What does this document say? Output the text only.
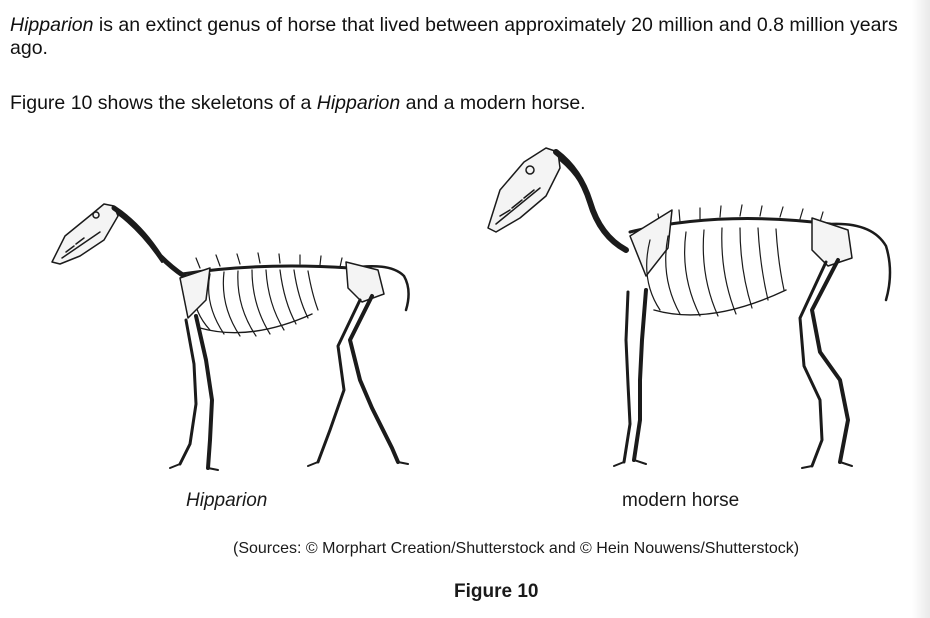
Hipparion is an extinct genus of horse that lived between approximately 20 million and 0.8 million years ago.

Figure 10 shows the skeletons of a Hipparion and a modern horse.

Hipparion	modern horse
(Sources: © Morphart Creation/Shutterstock and © Hein Nouwens/Shutterstock)
Figure 10
